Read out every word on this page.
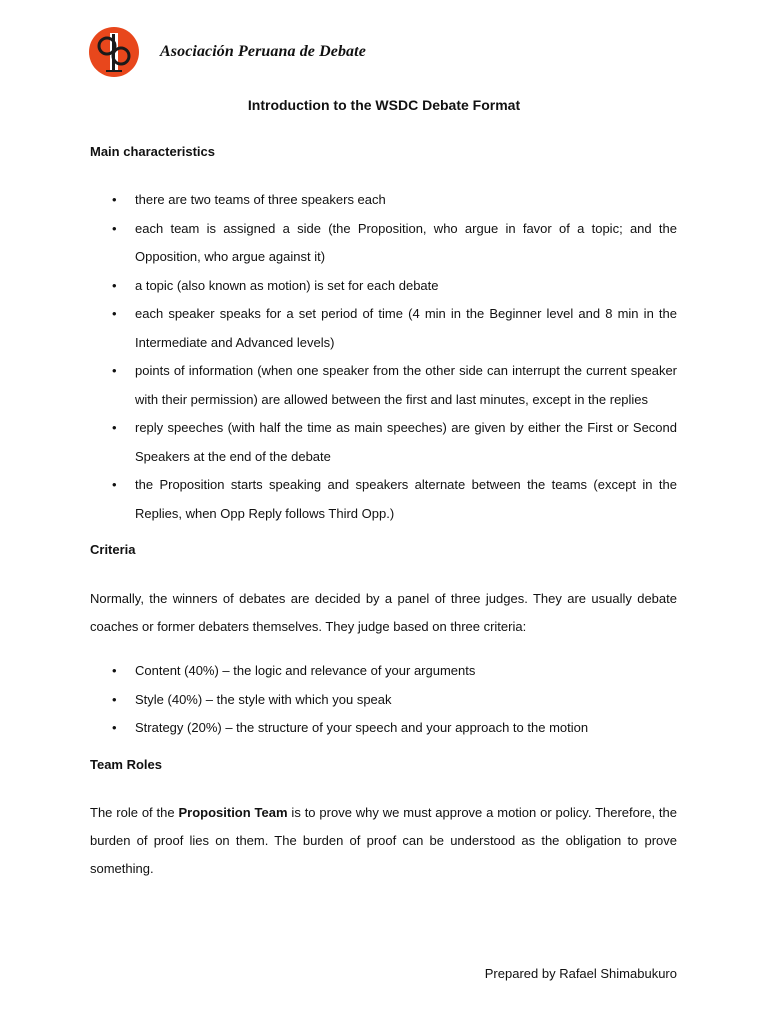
Asociación Peruana de Debate
Introduction to the WSDC Debate Format
Main characteristics
• there are two teams of three speakers each
• each team is assigned a side (the Proposition, who argue in favor of a topic; and the Opposition, who argue against it)
• a topic (also known as motion) is set for each debate
• each speaker speaks for a set period of time (4 min in the Beginner level and 8 min in the Intermediate and Advanced levels)
• points of information (when one speaker from the other side can interrupt the current speaker with their permission) are allowed between the first and last minutes, except in the replies
• reply speeches (with half the time as main speeches) are given by either the First or Second Speakers at the end of the debate
• the Proposition starts speaking and speakers alternate between the teams (except in the Replies, when Opp Reply follows Third Opp.)
Criteria

Normally, the winners of debates are decided by a panel of three judges. They are usually debate coaches or former debaters themselves. They judge based on three criteria:

• Content (40%) – the logic and relevance of your arguments
• Style (40%) – the style with which you speak
• Strategy (20%) – the structure of your speech and your approach to the motion
Team Roles

The role of the Proposition Team is to prove why we must approve a motion or policy. Therefore, the burden of proof lies on them. The burden of proof can be understood as the obligation to prove something.

Prepared by Rafael Shimabukuro
